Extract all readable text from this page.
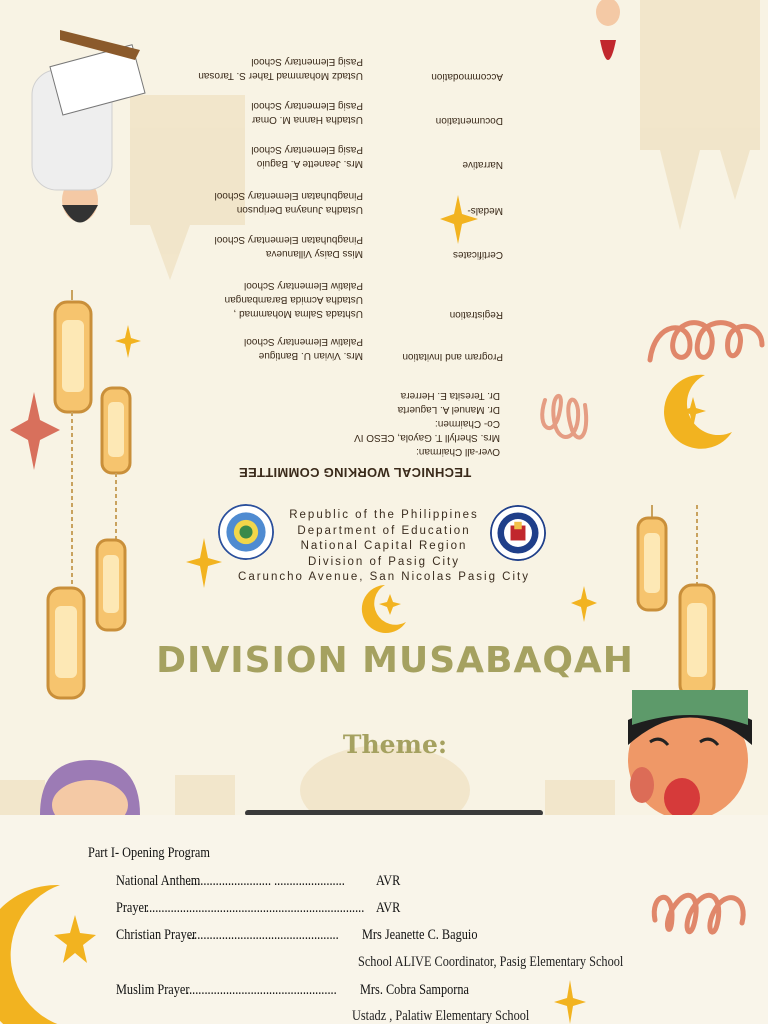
TECHNICAL WORKING COMMITTEE
Over-all Chairman:
Mrs. Sherlyll T. Gayola, CESO IV
Co- Chairmen:
Dr. Manuel A. Laguerta
Dr. Teresita E. Herrera
Program and Invitation
Mrs. Vivian U. Bantigue
Palatiw Elementary School
Registration
Ushtada Salma Mohammad ,
Ustadha Acmida Barambangan
Palatiw Elementary School
Certificates
Miss Daisy Villanueva
Pinagbuhatan Elementary School
Medals-
Ustadha Junayna Deripuson
Pinagbuhatan Elementary School
Narrative
Mrs. Jeanette A. Baguio
Pasig Elementary School
Documentation
Ustadha Hanna M. Omar
Pasig Elementary School
Accommodation
Ustadz Mohammad Taher S. Tarosan
Pasig Elementary School
Republic of the Philippines
Department of Education
National Capital Region
Division of Pasig City
Caruncho Avenue, San Nicolas Pasig City
DIVISION MUSABAQAH
Theme:
Part I- Opening Program
National Anthem
........................... ....................... AVR
Prayer
....................................................................... AVR
Christian Prayer
................................................. Mrs Jeanette C. Baguio
School ALIVE Coordinator, Pasig Elementary School
Muslim Prayer
................................................. Mrs. Cobra Samporna
Ustadz , Palatiw Elementary School
